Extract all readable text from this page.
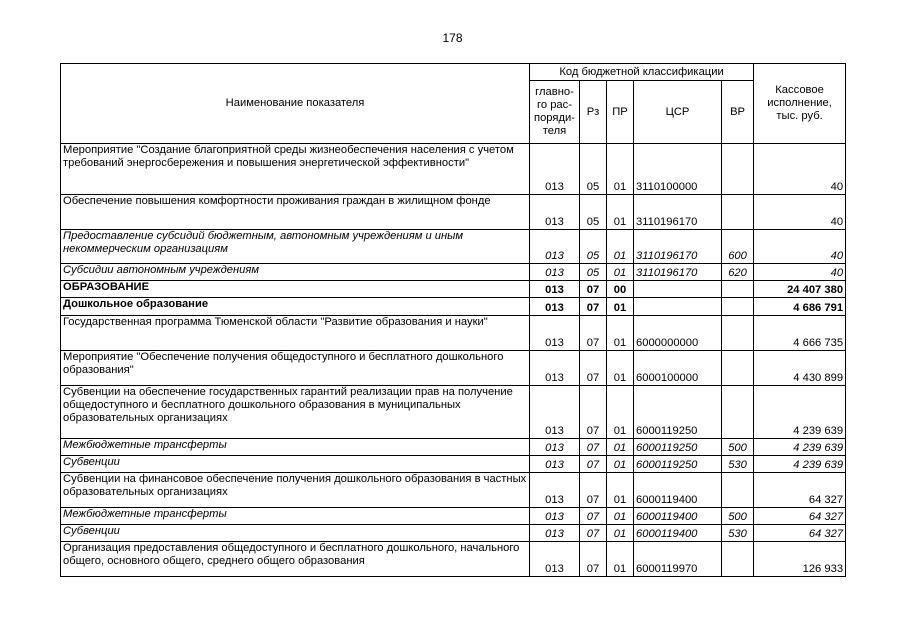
178
Наименование показателя	Код бюджетной классификации					Кассовое исполнение, тыс. руб.
	главно-
го рас-
поряди-
теля	Рз	ПР	ЦСР	ВР	
Мероприятие "Создание благоприятной среды жизнеобеспечения населения с учетом требований энергосбережения и повышения энергетической эффективности"	013	05	01	3110100000		40
Обеспечение повышения комфортности проживания граждан в жилищном фонде	013	05	01	3110196170		40
Предоставление субсидий бюджетным, автономным учреждениям и иным некоммерческим организациям	013	05	01	3110196170	600	40
Субсидии автономным учреждениям	013	05	01	3110196170	620	40
ОБРАЗОВАНИЕ	013	07	00			24 407 380
Дошкольное образование	013	07	01			4 686 791
Государственная программа Тюменской области "Развитие образования и науки"	013	07	01	6000000000		4 666 735
Мероприятие "Обеспечение получения общедоступного и бесплатного дошкольного образования"	013	07	01	6000100000		4 430 899
Субвенции на обеспечение государственных гарантий реализации прав на получение общедоступного и бесплатного дошкольного образования в муниципальных образовательных организациях	013	07	01	6000119250		4 239 639
Межбюджетные трансферты	013	07	01	6000119250	500	4 239 639
Субвенции	013	07	01	6000119250	530	4 239 639
Субвенции на финансовое обеспечение получения дошкольного образования в частных образовательных организациях	013	07	01	6000119400		64 327
Межбюджетные трансферты	013	07	01	6000119400	500	64 327
Субвенции	013	07	01	6000119400	530	64 327
Организация предоставления общедоступного и бесплатного дошкольного, начального общего, основного общего, среднего общего образования	013	07	01	6000119970		126 933
